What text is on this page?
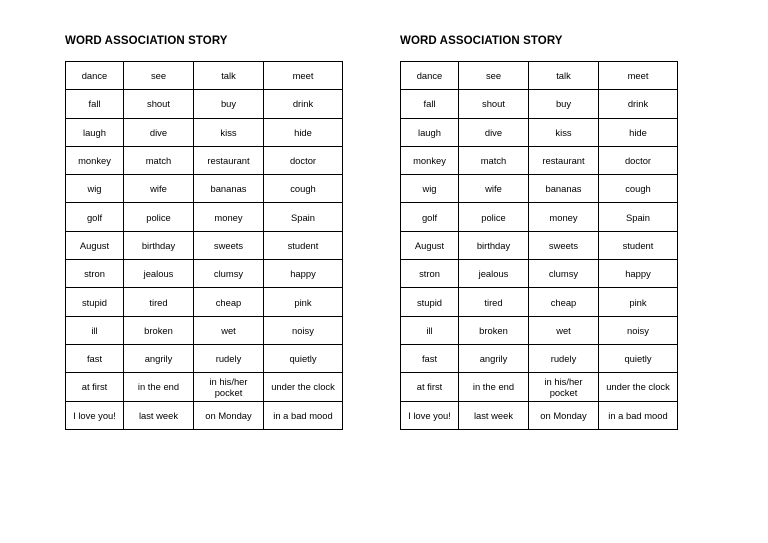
WORD ASSOCIATION STORY
dance	see	talk	meet
fall	shout	buy	drink
laugh	dive	kiss	hide
monkey	match	restaurant	doctor
wig	wife	bananas	cough
golf	police	money	Spain
August	birthday	sweets	student
stron	jealous	clumsy	happy
stupid	tired	cheap	pink
ill	broken	wet	noisy
fast	angrily	rudely	quietly
at first	in the end	in his/her pocket	under the clock
I love you!	last week	on Monday	in a bad mood
WORD ASSOCIATION STORY
dance	see	talk	meet
fall	shout	buy	drink
laugh	dive	kiss	hide
monkey	match	restaurant	doctor
wig	wife	bananas	cough
golf	police	money	Spain
August	birthday	sweets	student
stron	jealous	clumsy	happy
stupid	tired	cheap	pink
ill	broken	wet	noisy
fast	angrily	rudely	quietly
at first	in the end	in his/her pocket	under the clock
I love you!	last week	on Monday	in a bad mood
